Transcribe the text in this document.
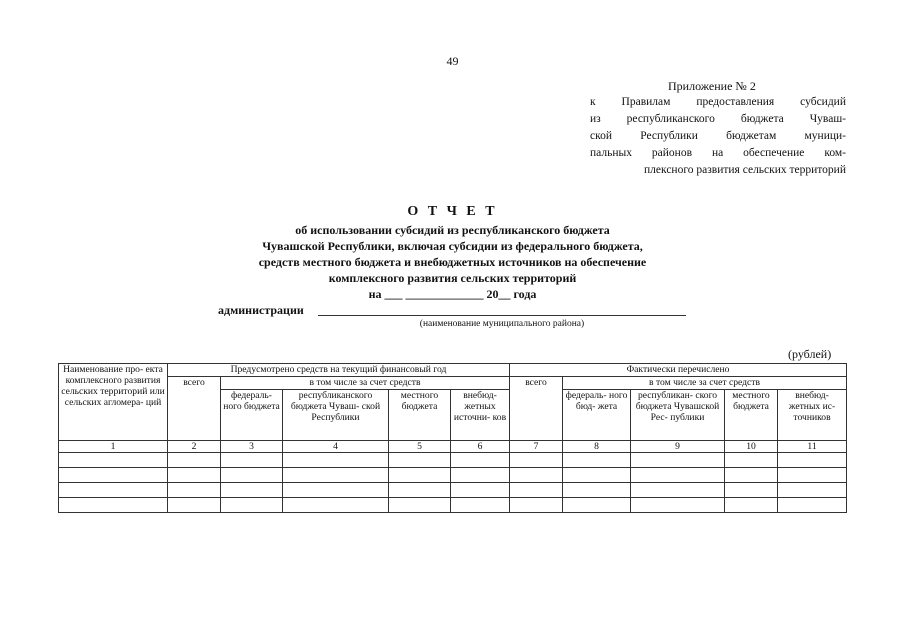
49
Приложение № 2
к Правилам предоставления субсидий
из республиканского бюджета Чуваш-
ской Республики бюджетам муници-
пальных районов на обеспечение ком-
плексного развития сельских территорий
О Т Ч Е Т
об использовании субсидий из республиканского бюджета
Чувашской Республики, включая субсидии из федерального бюджета,
средств местного бюджета и внебюджетных источников на обеспечение
комплексного развития сельских территорий
на ___ _____________ 20__ года
администрации
(наименование муниципального района)
(рублей)
Наименование про- екта комплексного развития сельских территорий или сельских агломера- ций	Предусмотрено средств на текущий финансовый год					Фактически перечислено				
	всего	в том числе за счет средств				всего	в том числе за счет средств			
		федераль- ного бюджета	республиканского бюджета Чуваш- ской Республики	местного бюджета	внебюд- жетных источни- ков		федераль- ного бюд- жета	республикан- ского бюджета Чувашской Рес- публики	местного бюджета	внебюд- жетных ис- точников
1	2	3	4	5	6	7	8	9	10	11
